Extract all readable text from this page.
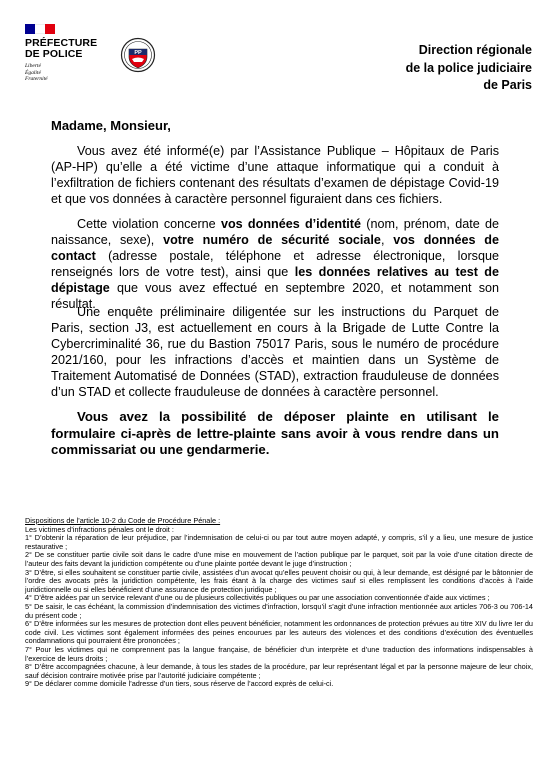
PRÉFECTURE
DE POLICE
Liberté
Égalité
Fraternité
PP	Direction régionale
de la police judiciaire
de Paris
Madame, Monsieur,
Vous avez été informé(e) par l’Assistance Publique – Hôpitaux de Paris (AP-HP) qu’elle a été victime d’une attaque informatique qui a conduit à l’exfiltration de fichiers contenant des résultats d’examen de dépistage Covid-19 et que vos données à caractère personnel figuraient dans ces fichiers.
Cette violation concerne vos données d’identité (nom, prénom, date de naissance, sexe), votre numéro de sécurité sociale, vos données de contact (adresse postale, téléphone et adresse électronique, lorsque renseignés lors de votre test), ainsi que les données relatives au test de dépistage que vous avez effectué en septembre 2020, et notamment son résultat.
Une enquête préliminaire diligentée sur les instructions du Parquet de Paris, section J3, est actuellement en cours à la Brigade de Lutte Contre la Cybercriminalité 36, rue du Bastion 75017 Paris, sous le numéro de procédure 2021/160, pour les infractions d’accès et maintien dans un Système de Traitement Automatisé de Données (STAD), extraction frauduleuse de données d’un STAD et collecte frauduleuse de données à caractère personnel.
Vous avez la possibilité de déposer plainte en utilisant le formulaire ci-après de lettre-plainte sans avoir à vous rendre dans un commissariat ou une gendarmerie.
Dispositions de l’article 10-2 du Code de Procédure Pénale :
Les victimes d’infractions pénales ont le droit :

1° D’obtenir la réparation de leur préjudice, par l’indemnisation de celui-ci ou par tout autre moyen adapté, y compris, s’il y a lieu, une mesure de justice restaurative ;

2° De se constituer partie civile soit dans le cadre d’une mise en mouvement de l’action publique par le parquet, soit par la voie d’une citation directe de l’auteur des faits devant la juridiction compétente ou d’une plainte portée devant le juge d’instruction ;

3° D’être, si elles souhaitent se constituer partie civile, assistées d’un avocat qu’elles peuvent choisir ou qui, à leur demande, est désigné par le bâtonnier de l’ordre des avocats près la juridiction compétente, les frais étant à la charge des victimes sauf si elles remplissent les conditions d’accès à l’aide juridictionnelle ou si elles bénéficient d’une assurance de protection juridique ;

4° D’être aidées par un service relevant d’une ou de plusieurs collectivités publiques ou par une association conventionnée d’aide aux victimes ;

5° De saisir, le cas échéant, la commission d’indemnisation des victimes d’infraction, lorsqu’il s’agit d’une infraction mentionnée aux articles 706-3 ou 706-14 du présent code ;

6° D’être informées sur les mesures de protection dont elles peuvent bénéficier, notamment les ordonnances de protection prévues au titre XIV du livre Ier du code civil. Les victimes sont également informées des peines encourues par les auteurs des violences et des conditions d’exécution des éventuelles condamnations qui pourraient être prononcées ;

7° Pour les victimes qui ne comprennent pas la langue française, de bénéficier d’un interprète et d’une traduction des informations indispensables à l’exercice de leurs droits ;

8° D’être accompagnées chacune, à leur demande, à tous les stades de la procédure, par leur représentant légal et par la personne majeure de leur choix, sauf décision contraire motivée prise par l’autorité judiciaire compétente ;

9° De déclarer comme domicile l’adresse d’un tiers, sous réserve de l’accord exprès de celui-ci.
